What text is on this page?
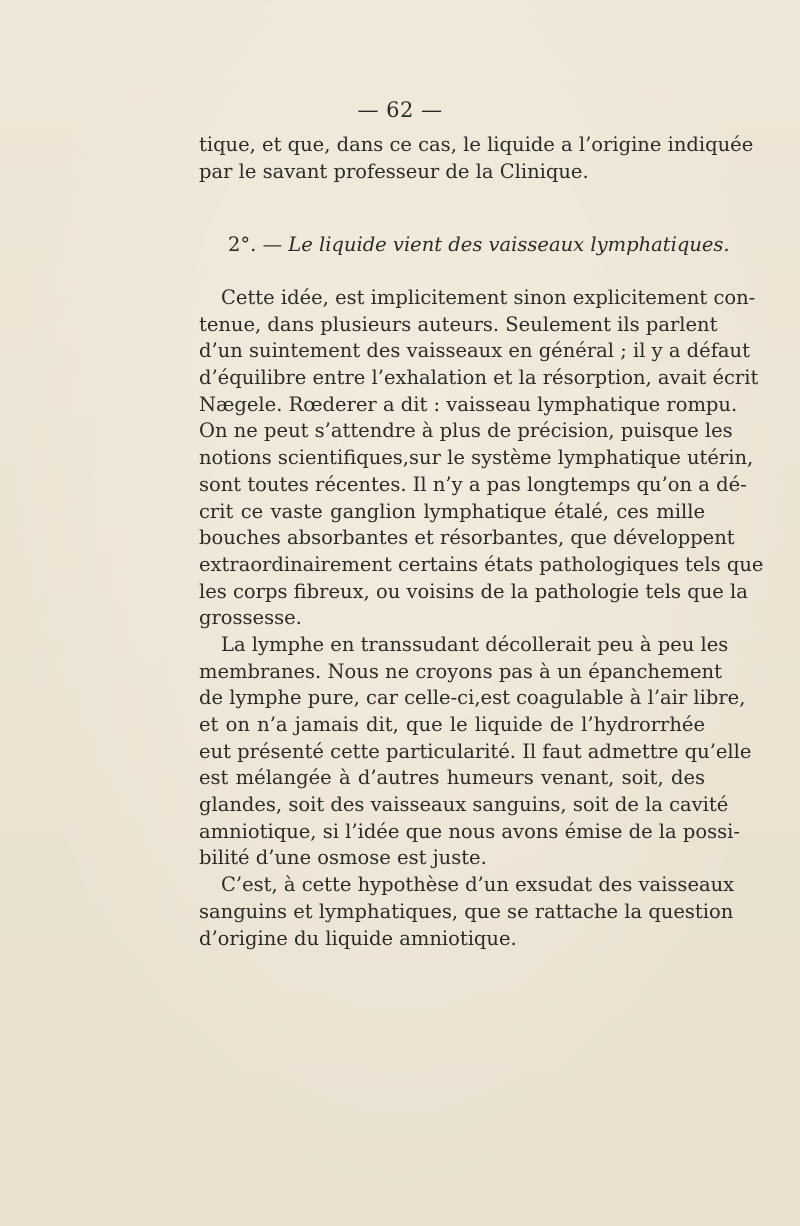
— 62 —
tique, et que, dans ce cas, le liquide a l’origine indiquée
par le savant professeur de la Clinique.
2°. — Le liquide vient des vaisseaux lymphatiques.
Cette idée, est implicitement sinon explicitement con-
tenue, dans plusieurs auteurs. Seulement ils parlent
d’un suintement des vaisseaux en général ; il y a défaut
d’équilibre entre l’exhalation et la résorption, avait écrit
Nægele. Rœderer a dit : vaisseau lymphatique rompu.
On ne peut s’attendre à plus de précision, puisque les
notions scientifiques,sur le système lymphatique utérin,
sont toutes récentes. Il n’y a pas longtemps qu’on a dé-
crit ce vaste ganglion lymphatique étalé, ces mille
bouches absorbantes et résorbantes, que développent
extraordinairement certains états pathologiques tels que
les corps fibreux, ou voisins de la pathologie tels que la
grossesse.
La lymphe en transsudant décollerait peu à peu les
membranes. Nous ne croyons pas à un épanchement
de lymphe pure, car celle-ci,est coagulable à l’air libre,
et on n’a jamais dit, que le liquide de l’hydrorrhée
eut présenté cette particularité. Il faut admettre qu’elle
est mélangée à d’autres humeurs venant, soit, des
glandes, soit des vaisseaux sanguins, soit de la cavité
amniotique, si l’idée que nous avons émise de la possi-
bilité d’une osmose est juste.
C’est, à cette hypothèse d’un exsudat des vaisseaux
sanguins et lymphatiques, que se rattache la question
d’origine du liquide amniotique.
